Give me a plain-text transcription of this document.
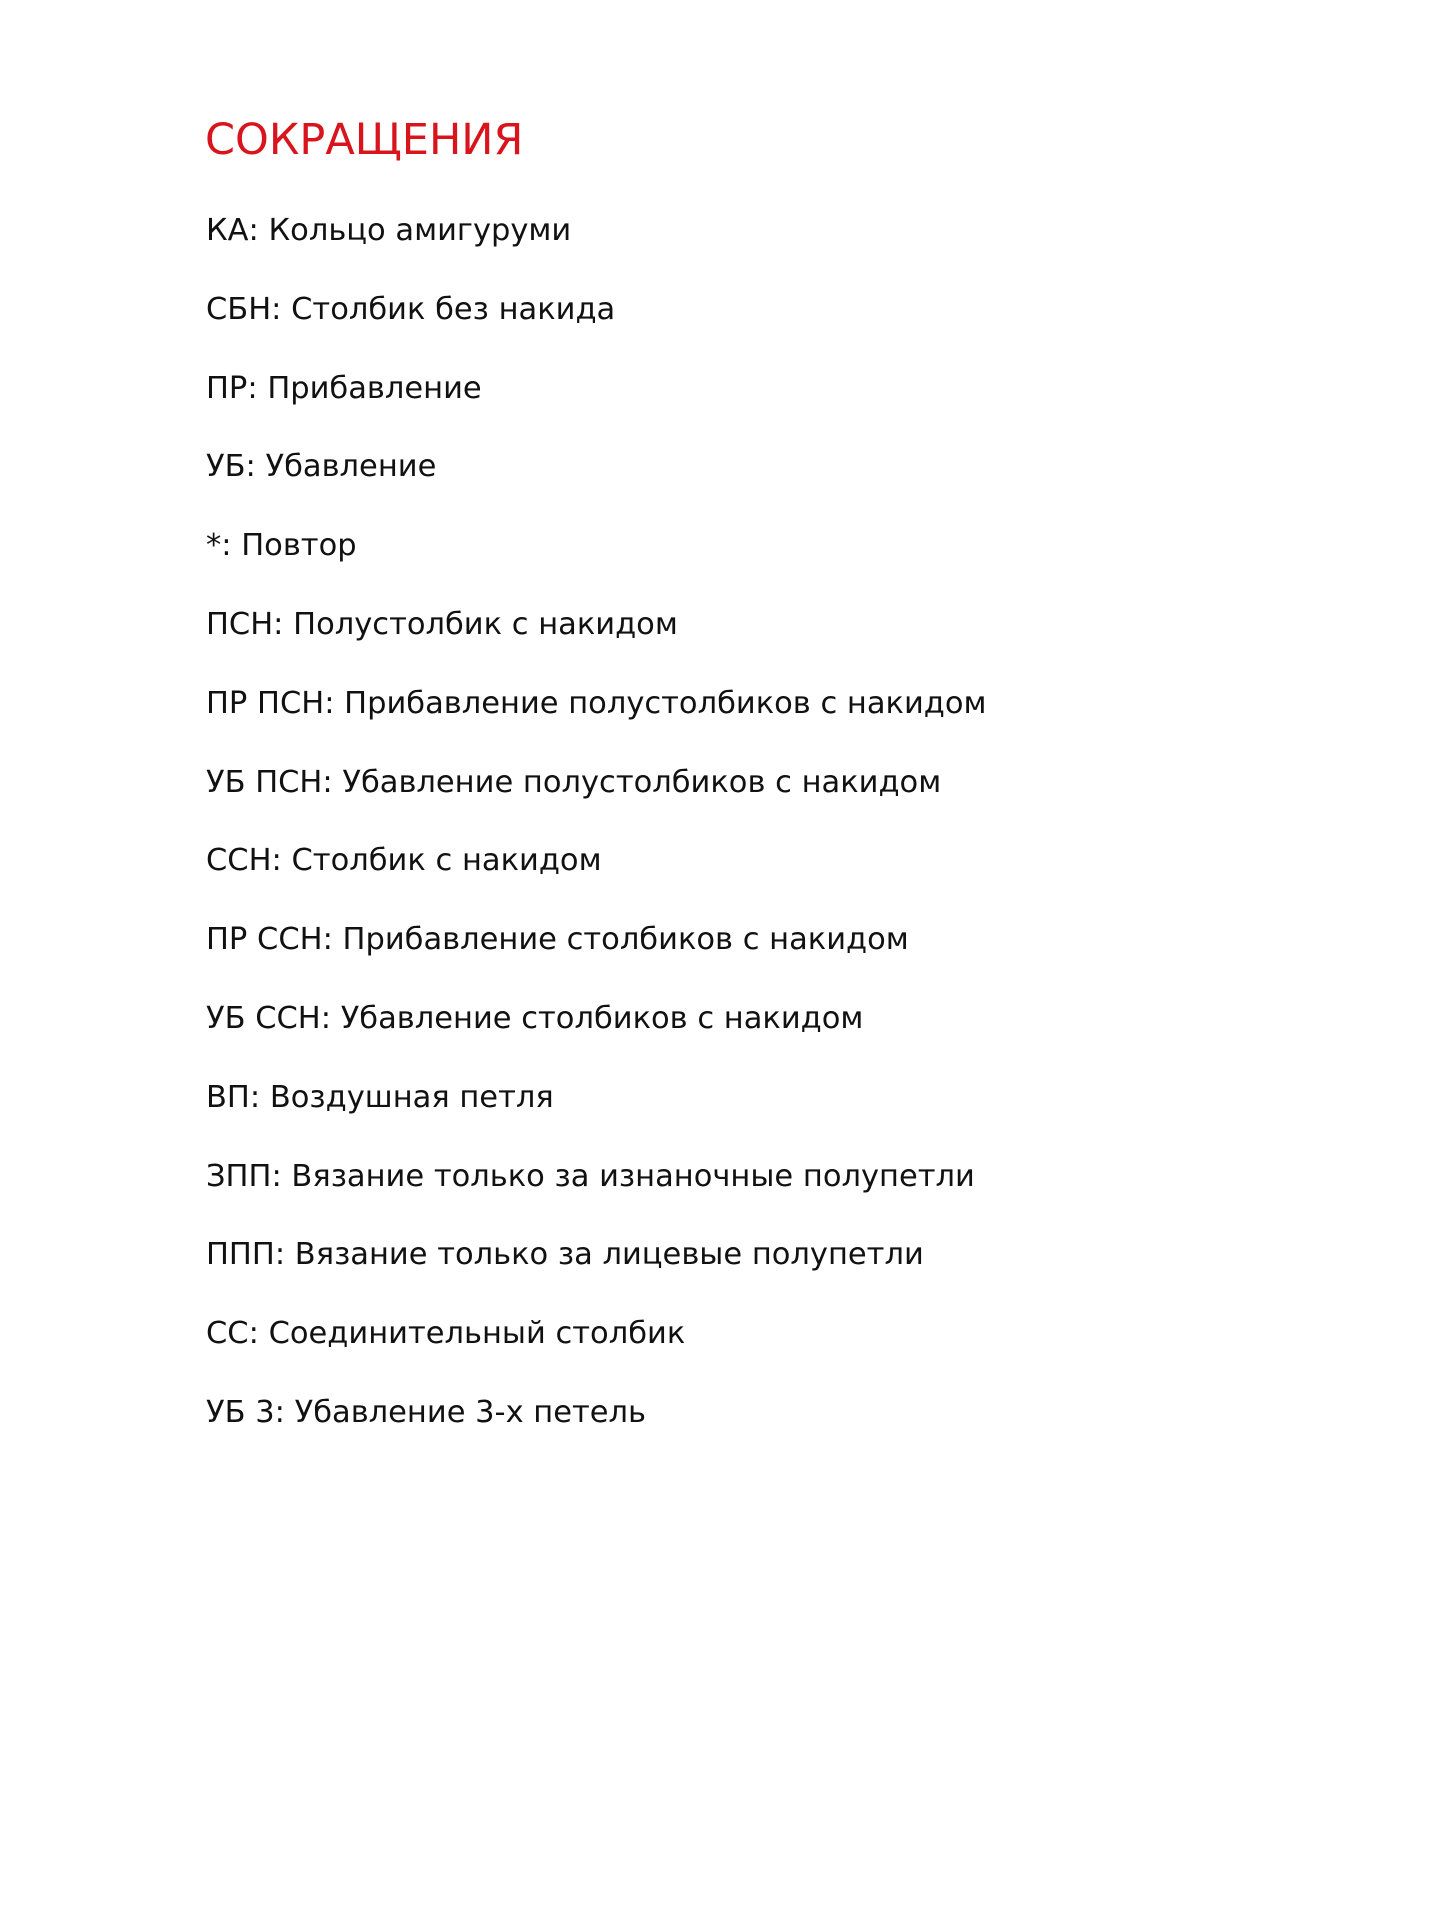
СОКРАЩЕНИЯ
КА: Кольцо амигуруми
СБН: Столбик без накида
ПР: Прибавление
УБ: Убавление
*: Повтор
ПСН: Полустолбик с накидом
ПР ПСН: Прибавление полустолбиков с накидом
УБ ПСН: Убавление полустолбиков с накидом
ССН: Столбик с накидом
ПР ССН: Прибавление столбиков с накидом
УБ ССН: Убавление столбиков с накидом
ВП: Воздушная петля
ЗПП: Вязание только за изнаночные полупетли
ППП: Вязание только за лицевые полупетли
СС: Соединительный столбик
УБ 3: Убавление 3-х петель
